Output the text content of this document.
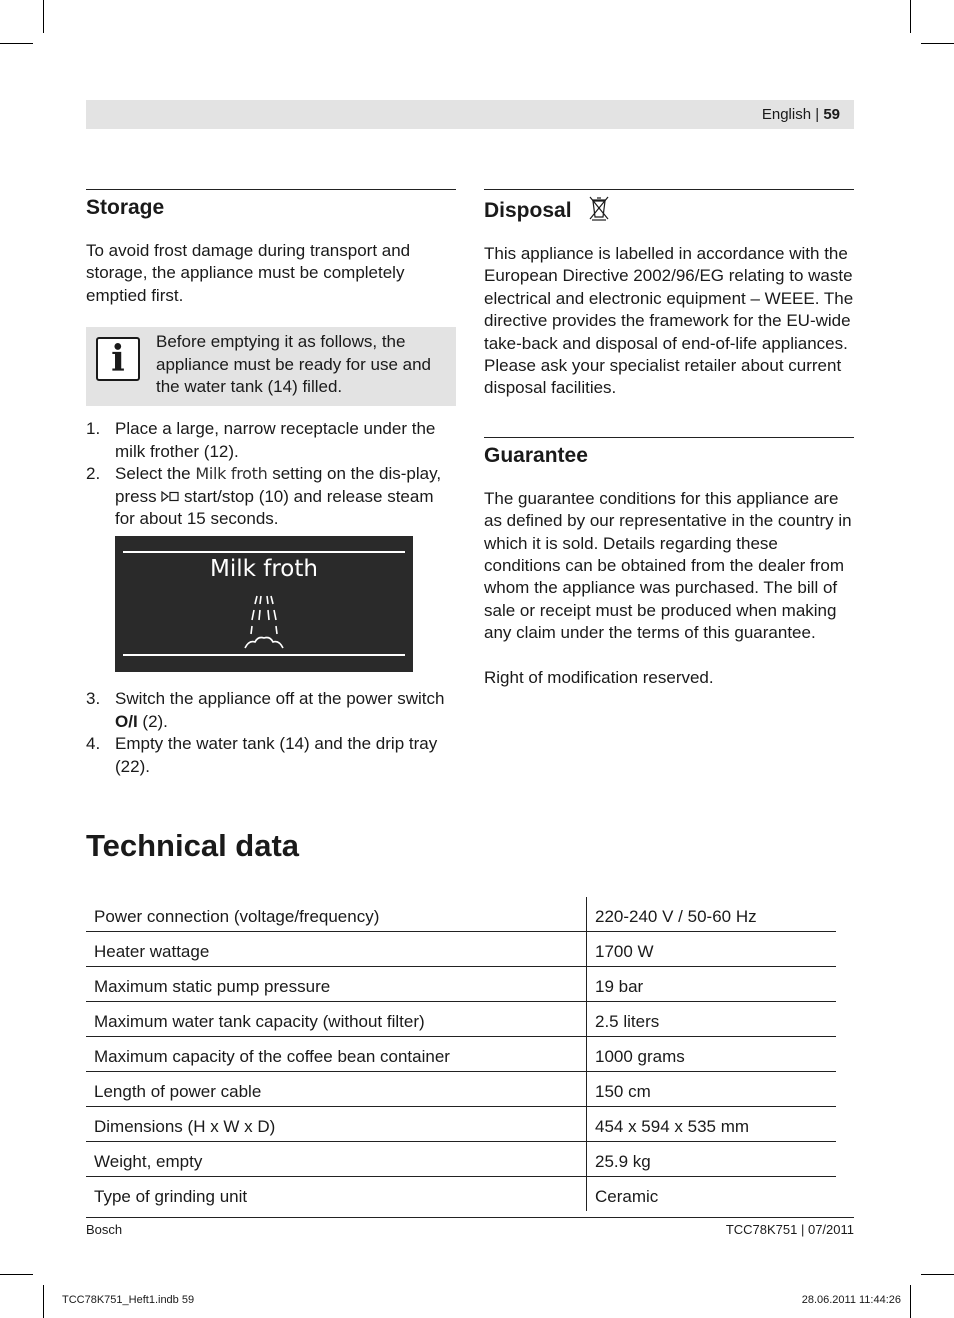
English | 59
Storage

To avoid frost damage during transport and storage, the appliance must be completely emptied first.

i	Before emptying it as follows, the appliance must be ready for use and the water tank (14) filled.

1. Place a large, narrow receptacle under the milk frother (12).
2. Select the Milk froth setting on the dis-play, press start/stop (10) and release steam for about 15 seconds.
Milk froth
3. Switch the appliance off at the power switch O/I (2).
4. Empty the water tank (14) and the drip tray (22).
Disposal

This appliance is labelled in accordance with the European Directive 2002/96/EG relating to waste electrical and electronic equipment – WEEE. The directive provides the framework for the EU-wide take-back and disposal of end-of-life appliances. Please ask your specialist retailer about current disposal facilities.

Guarantee

The guarantee conditions for this appliance are as defined by our representative in the country in which it is sold. Details regarding these conditions can be obtained from the dealer from whom the appliance was purchased. The bill of sale or receipt must be produced when making any claim under the terms of this guarantee.

Right of modification reserved.

Technical data
Power connection (voltage/frequency)	220-240 V / 50-60 Hz
Heater wattage	1700 W
Maximum static pump pressure	19 bar
Maximum water tank capacity (without filter)	2.5 liters
Maximum capacity of the coffee bean container	1000 grams
Length of power cable	150 cm
Dimensions (H x W x D)	454 x 594 x 535 mm
Weight, empty	25.9 kg
Type of grinding unit	Ceramic
Bosch	TCC78K751 | 07/2011
TCC78K751_Heft1.indb 59	28.06.2011 11:44:26
